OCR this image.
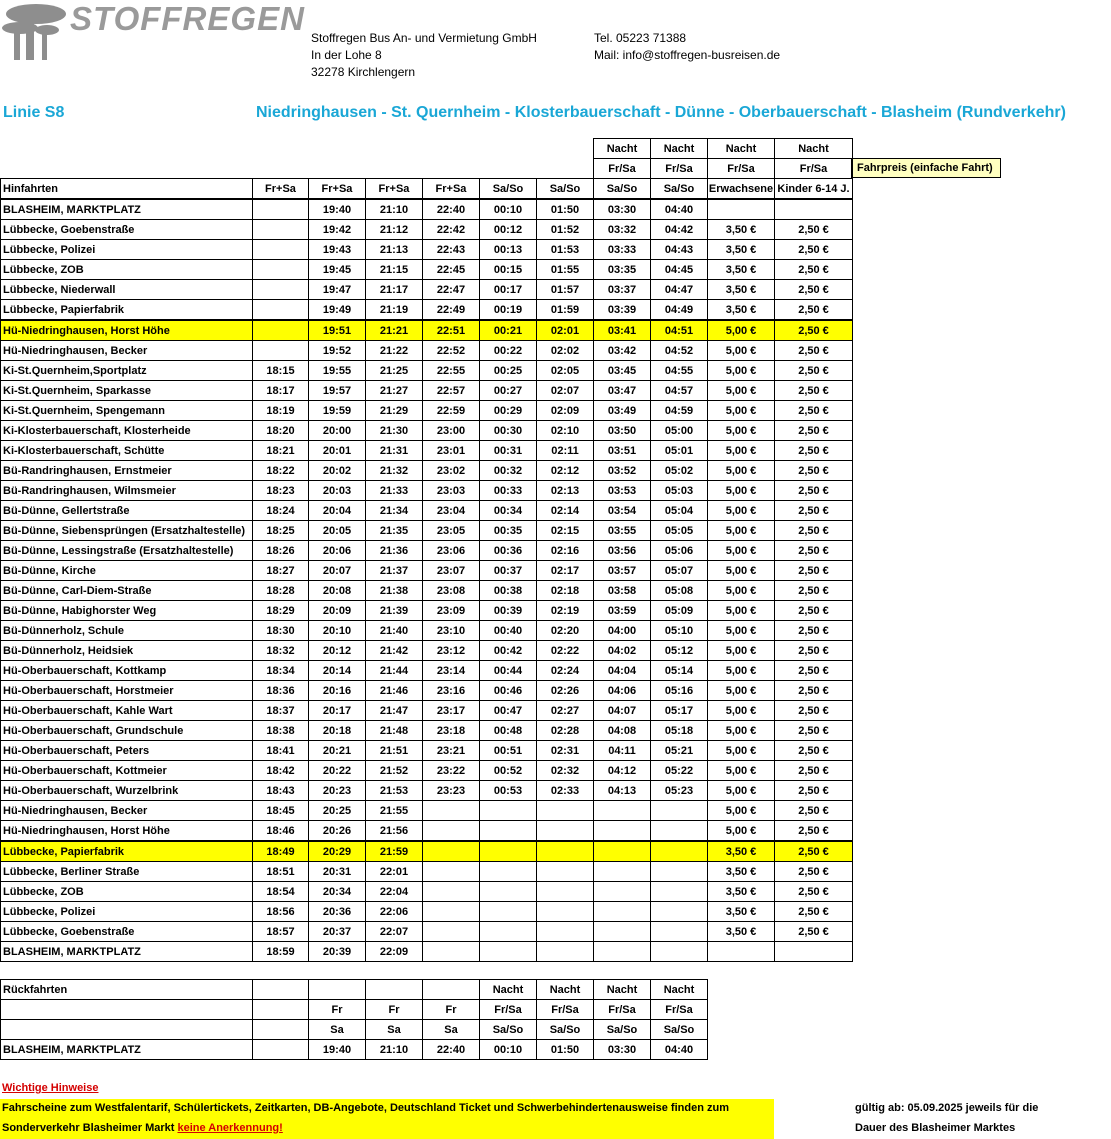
STOFFREGEN
Stoffregen Bus An- und Vermietung GmbH
In der Lohe 8
32278 Kirchlengern
Tel. 05223 71388
Mail: info@stoffregen-busreisen.de
Linie S8	Niedringhausen - St. Quernheim - Klosterbauerschaft - Dünne - Oberbauerschaft - Blasheim (Rundverkehr)
Fahrpreis (einfache Fahrt)
							Nacht	Nacht	Nacht	Nacht
							Fr/Sa	Fr/Sa	Fr/Sa	Fr/Sa
Hinfahrten	Fr+Sa	Fr+Sa	Fr+Sa	Fr+Sa	Sa/So	Sa/So	Sa/So	Sa/So	Erwachsene	Kinder 6-14 J.
BLASHEIM, MARKTPLATZ		19:40	21:10	22:40	00:10	01:50	03:30	04:40		
Lübbecke, Goebenstraße		19:42	21:12	22:42	00:12	01:52	03:32	04:42	3,50 €	2,50 €
Lübbecke, Polizei		19:43	21:13	22:43	00:13	01:53	03:33	04:43	3,50 €	2,50 €
Lübbecke, ZOB		19:45	21:15	22:45	00:15	01:55	03:35	04:45	3,50 €	2,50 €
Lübbecke, Niederwall		19:47	21:17	22:47	00:17	01:57	03:37	04:47	3,50 €	2,50 €
Lübbecke, Papierfabrik		19:49	21:19	22:49	00:19	01:59	03:39	04:49	3,50 €	2,50 €
Hü-Niedringhausen, Horst Höhe		19:51	21:21	22:51	00:21	02:01	03:41	04:51	5,00 €	2,50 €
Hü-Niedringhausen, Becker		19:52	21:22	22:52	00:22	02:02	03:42	04:52	5,00 €	2,50 €
Ki-St.Quernheim,Sportplatz	18:15	19:55	21:25	22:55	00:25	02:05	03:45	04:55	5,00 €	2,50 €
Ki-St.Quernheim, Sparkasse	18:17	19:57	21:27	22:57	00:27	02:07	03:47	04:57	5,00 €	2,50 €
Ki-St.Quernheim, Spengemann	18:19	19:59	21:29	22:59	00:29	02:09	03:49	04:59	5,00 €	2,50 €
Ki-Klosterbauerschaft, Klosterheide	18:20	20:00	21:30	23:00	00:30	02:10	03:50	05:00	5,00 €	2,50 €
Ki-Klosterbauerschaft, Schütte	18:21	20:01	21:31	23:01	00:31	02:11	03:51	05:01	5,00 €	2,50 €
Bü-Randringhausen, Ernstmeier	18:22	20:02	21:32	23:02	00:32	02:12	03:52	05:02	5,00 €	2,50 €
Bü-Randringhausen, Wilmsmeier	18:23	20:03	21:33	23:03	00:33	02:13	03:53	05:03	5,00 €	2,50 €
Bü-Dünne, Gellertstraße	18:24	20:04	21:34	23:04	00:34	02:14	03:54	05:04	5,00 €	2,50 €
Bü-Dünne, Siebensprüngen (Ersatzhaltestelle)	18:25	20:05	21:35	23:05	00:35	02:15	03:55	05:05	5,00 €	2,50 €
Bü-Dünne, Lessingstraße (Ersatzhaltestelle)	18:26	20:06	21:36	23:06	00:36	02:16	03:56	05:06	5,00 €	2,50 €
Bü-Dünne, Kirche	18:27	20:07	21:37	23:07	00:37	02:17	03:57	05:07	5,00 €	2,50 €
Bü-Dünne, Carl-Diem-Straße	18:28	20:08	21:38	23:08	00:38	02:18	03:58	05:08	5,00 €	2,50 €
Bü-Dünne, Habighorster Weg	18:29	20:09	21:39	23:09	00:39	02:19	03:59	05:09	5,00 €	2,50 €
Bü-Dünnerholz, Schule	18:30	20:10	21:40	23:10	00:40	02:20	04:00	05:10	5,00 €	2,50 €
Bü-Dünnerholz, Heidsiek	18:32	20:12	21:42	23:12	00:42	02:22	04:02	05:12	5,00 €	2,50 €
Hü-Oberbauerschaft, Kottkamp	18:34	20:14	21:44	23:14	00:44	02:24	04:04	05:14	5,00 €	2,50 €
Hü-Oberbauerschaft, Horstmeier	18:36	20:16	21:46	23:16	00:46	02:26	04:06	05:16	5,00 €	2,50 €
Hü-Oberbauerschaft, Kahle Wart	18:37	20:17	21:47	23:17	00:47	02:27	04:07	05:17	5,00 €	2,50 €
Hü-Oberbauerschaft, Grundschule	18:38	20:18	21:48	23:18	00:48	02:28	04:08	05:18	5,00 €	2,50 €
Hü-Oberbauerschaft, Peters	18:41	20:21	21:51	23:21	00:51	02:31	04:11	05:21	5,00 €	2,50 €
Hü-Oberbauerschaft, Kottmeier	18:42	20:22	21:52	23:22	00:52	02:32	04:12	05:22	5,00 €	2,50 €
Hü-Oberbauerschaft, Wurzelbrink	18:43	20:23	21:53	23:23	00:53	02:33	04:13	05:23	5,00 €	2,50 €
Hü-Niedringhausen, Becker	18:45	20:25	21:55						5,00 €	2,50 €
Hü-Niedringhausen, Horst Höhe	18:46	20:26	21:56						5,00 €	2,50 €
Lübbecke, Papierfabrik	18:49	20:29	21:59						3,50 €	2,50 €
Lübbecke, Berliner Straße	18:51	20:31	22:01						3,50 €	2,50 €
Lübbecke, ZOB	18:54	20:34	22:04						3,50 €	2,50 €
Lübbecke, Polizei	18:56	20:36	22:06						3,50 €	2,50 €
Lübbecke, Goebenstraße	18:57	20:37	22:07						3,50 €	2,50 €
BLASHEIM, MARKTPLATZ	18:59	20:39	22:09							
Rückfahrten					Nacht	Nacht	Nacht	Nacht
		Fr	Fr	Fr	Fr/Sa	Fr/Sa	Fr/Sa	Fr/Sa
		Sa	Sa	Sa	Sa/So	Sa/So	Sa/So	Sa/So
BLASHEIM, MARKTPLATZ		19:40	21:10	22:40	00:10	01:50	03:30	04:40
Wichtige Hinweise
Fahrscheine zum Westfalentarif, Schülertickets, Zeitkarten, DB-Angebote, Deutschland Ticket und Schwerbehindertenausweise finden zum
Sonderverkehr Blasheimer Markt keine Anerkennung!
gültig ab: 05.09.2025 jeweils für die
Dauer des Blasheimer Marktes
